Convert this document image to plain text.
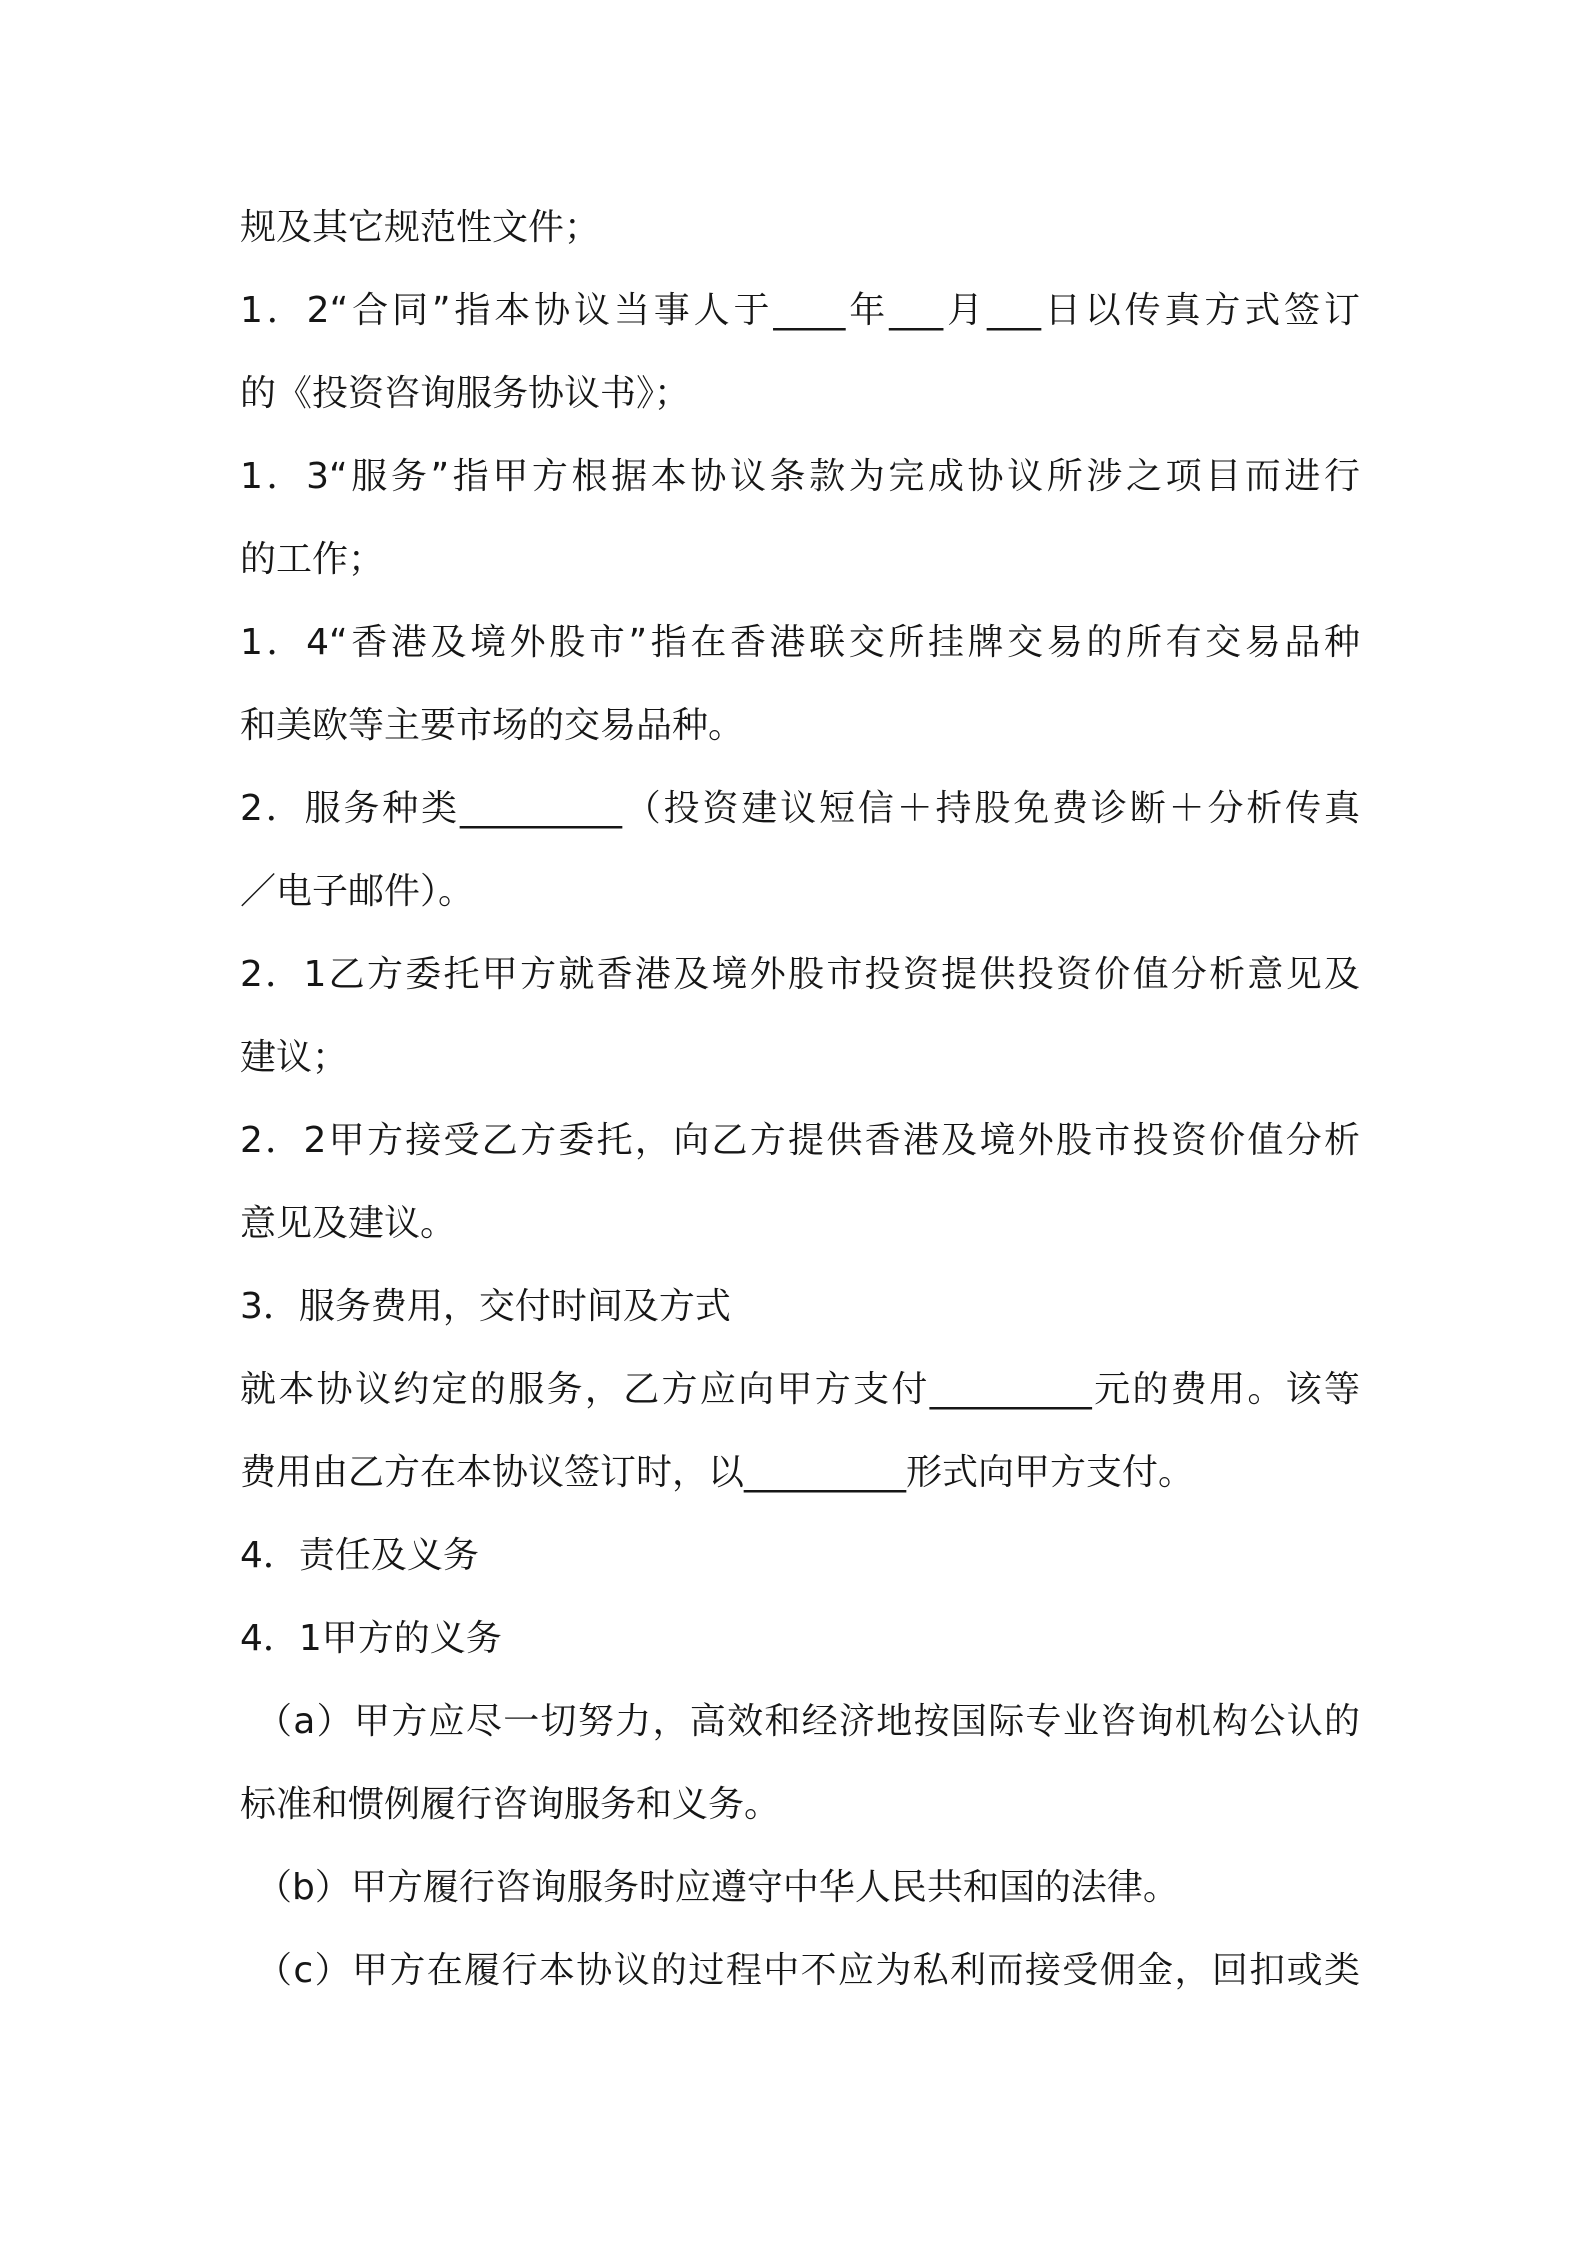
规及其它规范性文件；
1．2“合同”指本协议当事人于____年___月___日以传真方式签订
的《投资咨询服务协议书》；
1．3“服务”指甲方根据本协议条款为完成协议所涉之项目而进行
的工作；
1．4“香港及境外股市”指在香港联交所挂牌交易的所有交易品种
和美欧等主要市场的交易品种。
2．服务种类_________（投资建议短信＋持股免费诊断＋分析传真
／电子邮件）。
2．1乙方委托甲方就香港及境外股市投资提供投资价值分析意见及
建议；
2．2甲方接受乙方委托，向乙方提供香港及境外股市投资价值分析
意见及建议。
3．服务费用，交付时间及方式
就本协议约定的服务，乙方应向甲方支付_________元的费用。该等
费用由乙方在本协议签订时，以_________形式向甲方支付。
4．责任及义务
4．1甲方的义务
（a）甲方应尽一切努力，高效和经济地按国际专业咨询机构公认的
标准和惯例履行咨询服务和义务。
（b）甲方履行咨询服务时应遵守中华人民共和国的法律。
（c）甲方在履行本协议的过程中不应为私利而接受佣金，回扣或类
